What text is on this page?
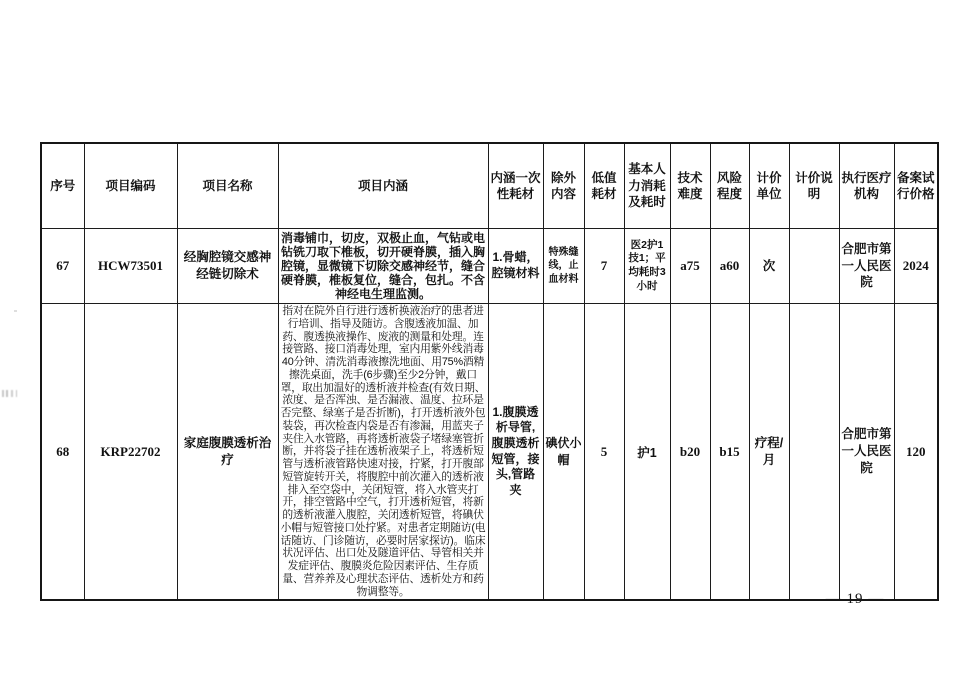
序号	项目编码	项目名称	项目内涵	内涵一次性耗材	除外内容	低值耗材	基本人力消耗及耗时	技术难度	风险程度	计价单位	计价说明	执行医疗机构	备案试行价格
67	HCW73501	经胸腔镜交感神经链切除术	消毒铺巾，切皮，双极止血，气钻或电钻铣刀取下椎板，切开硬脊膜，插入胸腔镜，显微镜下切除交感神经节，缝合硬脊膜，椎板复位，缝合，包扎。不含神经电生理监测。	1.骨蜡，腔镜材料	特殊缝线，止血材料	7	医2护1技1；平均耗时3小时	a75	a60	次		合肥市第一人民医院	2024
68	KRP22702	家庭腹膜透析治疗	指对在院外自行进行透析换液治疗的患者进行培训、指导及随访。含腹透液加温、加药、腹透换液操作、废液的测量和处理。连接管路、接口消毒处理，室内用紫外线消毒40分钟、清洗消毒液擦洗地面、用75%酒精擦洗桌面，洗手(6步骤)至少2分钟，戴口罩，取出加温好的透析液并检查(有效日期、浓度、是否浑浊、是否漏液、温度、拉环是否完整、绿塞子是否折断)，打开透析液外包装袋，再次检查内袋是否有渗漏，用蓝夹子夹住入水管路，再将透析液袋子堵绿塞管折断，并将袋子挂在透析液架子上，将透析短管与透析液管路快速对接，拧紧，打开腹部短管旋转开关，将腹腔中前次灌入的透析液排入至空袋中，关闭短管，将入水管夹打开，排空管路中空气，打开透析短管，将新的透析液灌入腹腔，关闭透析短管，将碘伏小帽与短管接口处拧紧。对患者定期随访(电话随访、门诊随访，必要时居家探访)。临床状况评估、出口处及隧道评估、导管相关并发症评估、腹膜炎危险因素评估、生存质量、营养养及心理状态评估、透析处方和药物调整等。	1.腹膜透析导管,腹膜透析短管，接头,管路夹	碘伏小帽	5	护1	b20	b15	疗程/月		合肥市第一人民医院	120
— 19 —
